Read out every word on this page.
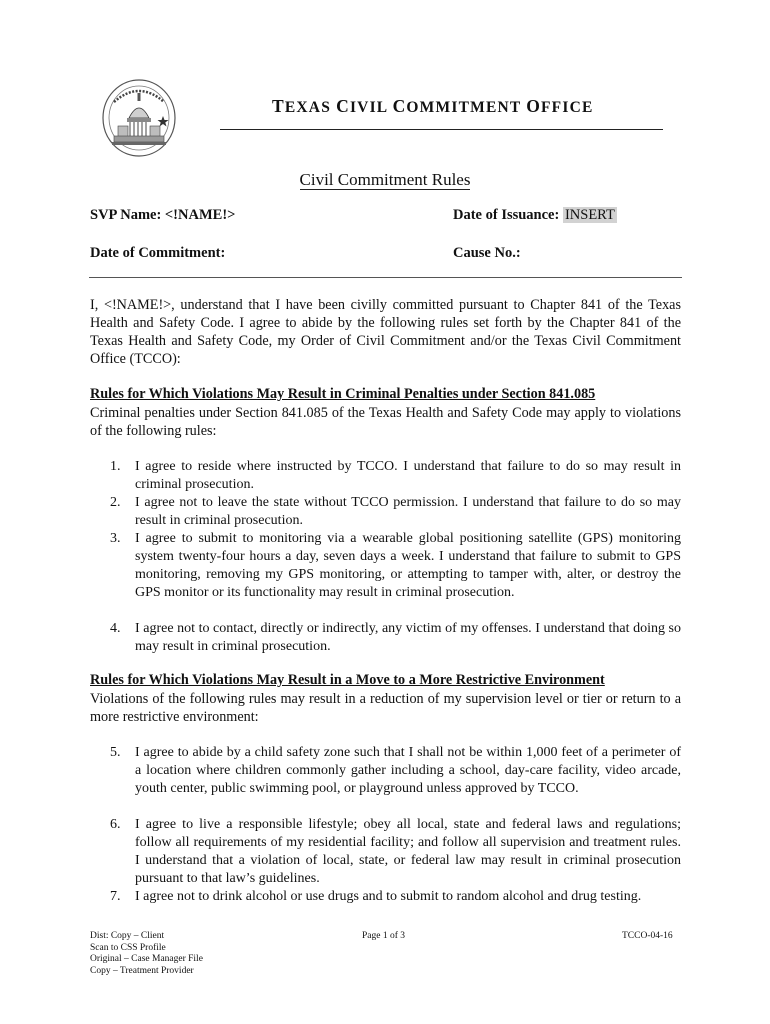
TEXAS CIVIL COMMITMENT OFFICE
Civil Commitment Rules
SVP Name: <!NAME!>	Date of Issuance: INSERT
Date of Commitment:	Cause No.:
I, <!NAME!>, understand that I have been civilly committed pursuant to Chapter 841 of the Texas Health and Safety Code. I agree to abide by the following rules set forth by the Chapter 841 of the Texas Health and Safety Code, my Order of Civil Commitment and/or the Texas Civil Commitment Office (TCCO):
Rules for Which Violations May Result in Criminal Penalties under Section 841.085
Criminal penalties under Section 841.085 of the Texas Health and Safety Code may apply to violations of the following rules:
1.	I agree to reside where instructed by TCCO. I understand that failure to do so may result in criminal prosecution.
2.	I agree not to leave the state without TCCO permission. I understand that failure to do so may result in criminal prosecution.
3.	I agree to submit to monitoring via a wearable global positioning satellite (GPS) monitoring system twenty-four hours a day, seven days a week. I understand that failure to submit to GPS monitoring, removing my GPS monitoring, or attempting to tamper with, alter, or destroy the GPS monitor or its functionality may result in criminal prosecution.
4.	I agree not to contact, directly or indirectly, any victim of my offenses. I understand that doing so may result in criminal prosecution.
Rules for Which Violations May Result in a Move to a More Restrictive Environment
Violations of the following rules may result in a reduction of my supervision level or tier or return to a more restrictive environment:
5.	I agree to abide by a child safety zone such that I shall not be within 1,000 feet of a perimeter of a location where children commonly gather including a school, day-care facility, video arcade, youth center, public swimming pool, or playground unless approved by TCCO.
6.	I agree to live a responsible lifestyle; obey all local, state and federal laws and regulations; follow all requirements of my residential facility; and follow all supervision and treatment rules. I understand that a violation of local, state, or federal law may result in criminal prosecution pursuant to that law’s guidelines.
7.	I agree not to drink alcohol or use drugs and to submit to random alcohol and drug testing.
Dist: Copy – Client
Scan to CSS Profile
Original – Case Manager File
Copy – Treatment Provider
Page 1 of 3	TCCO-04-16
